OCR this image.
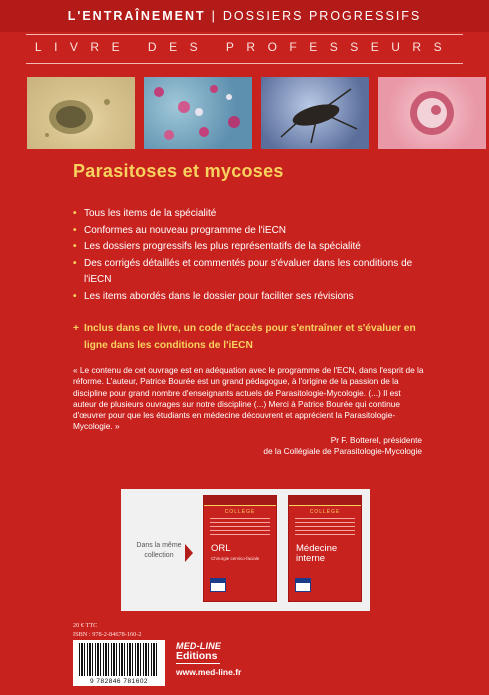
L'ENTRAÎNEMENT | DOSSIERS PROGRESSIFS
LIVRE DES PROFESSEURS
Parasitoses et mycoses
• Tous les items de la spécialité
• Conformes au nouveau programme de l'iECN
• Les dossiers progressifs les plus représentatifs de la spécialité
• Des corrigés détaillés et commentés pour s'évaluer dans les conditions de l'iECN
• Les items abordés dans le dossier pour faciliter ses révisions
+ Inclus dans ce livre, un code d'accès pour s'entraîner et s'évaluer en ligne dans les conditions de l'iECN
« Le contenu de cet ouvrage est en adéquation avec le programme de l'ECN, dans l'esprit de la réforme. L'auteur, Patrice Bourée est un grand pédagogue, à l'origine de la passion de la discipline pour grand nombre d'enseignants actuels de Parasitologie-Mycologie. (...) Il est auteur de plusieurs ouvrages sur notre discipline (...) Merci à Patrice Bourée qui continue d'œuvrer pour que les étudiants en médecine découvrent et apprécient la Parasitologie-Mycologie. »
Pr F. Botterel, présidente
de la Collégiale de Parasitologie-Mycologie
Dans la même collection
COLLÈGE
ORL
Chirurgie cervico-faciale
COLLÈGE
Médecine interne
20 € TTC
ISBN : 978-2-84678-160-2
9 782846 781602
MED-LINE
Editions
www.med-line.fr
